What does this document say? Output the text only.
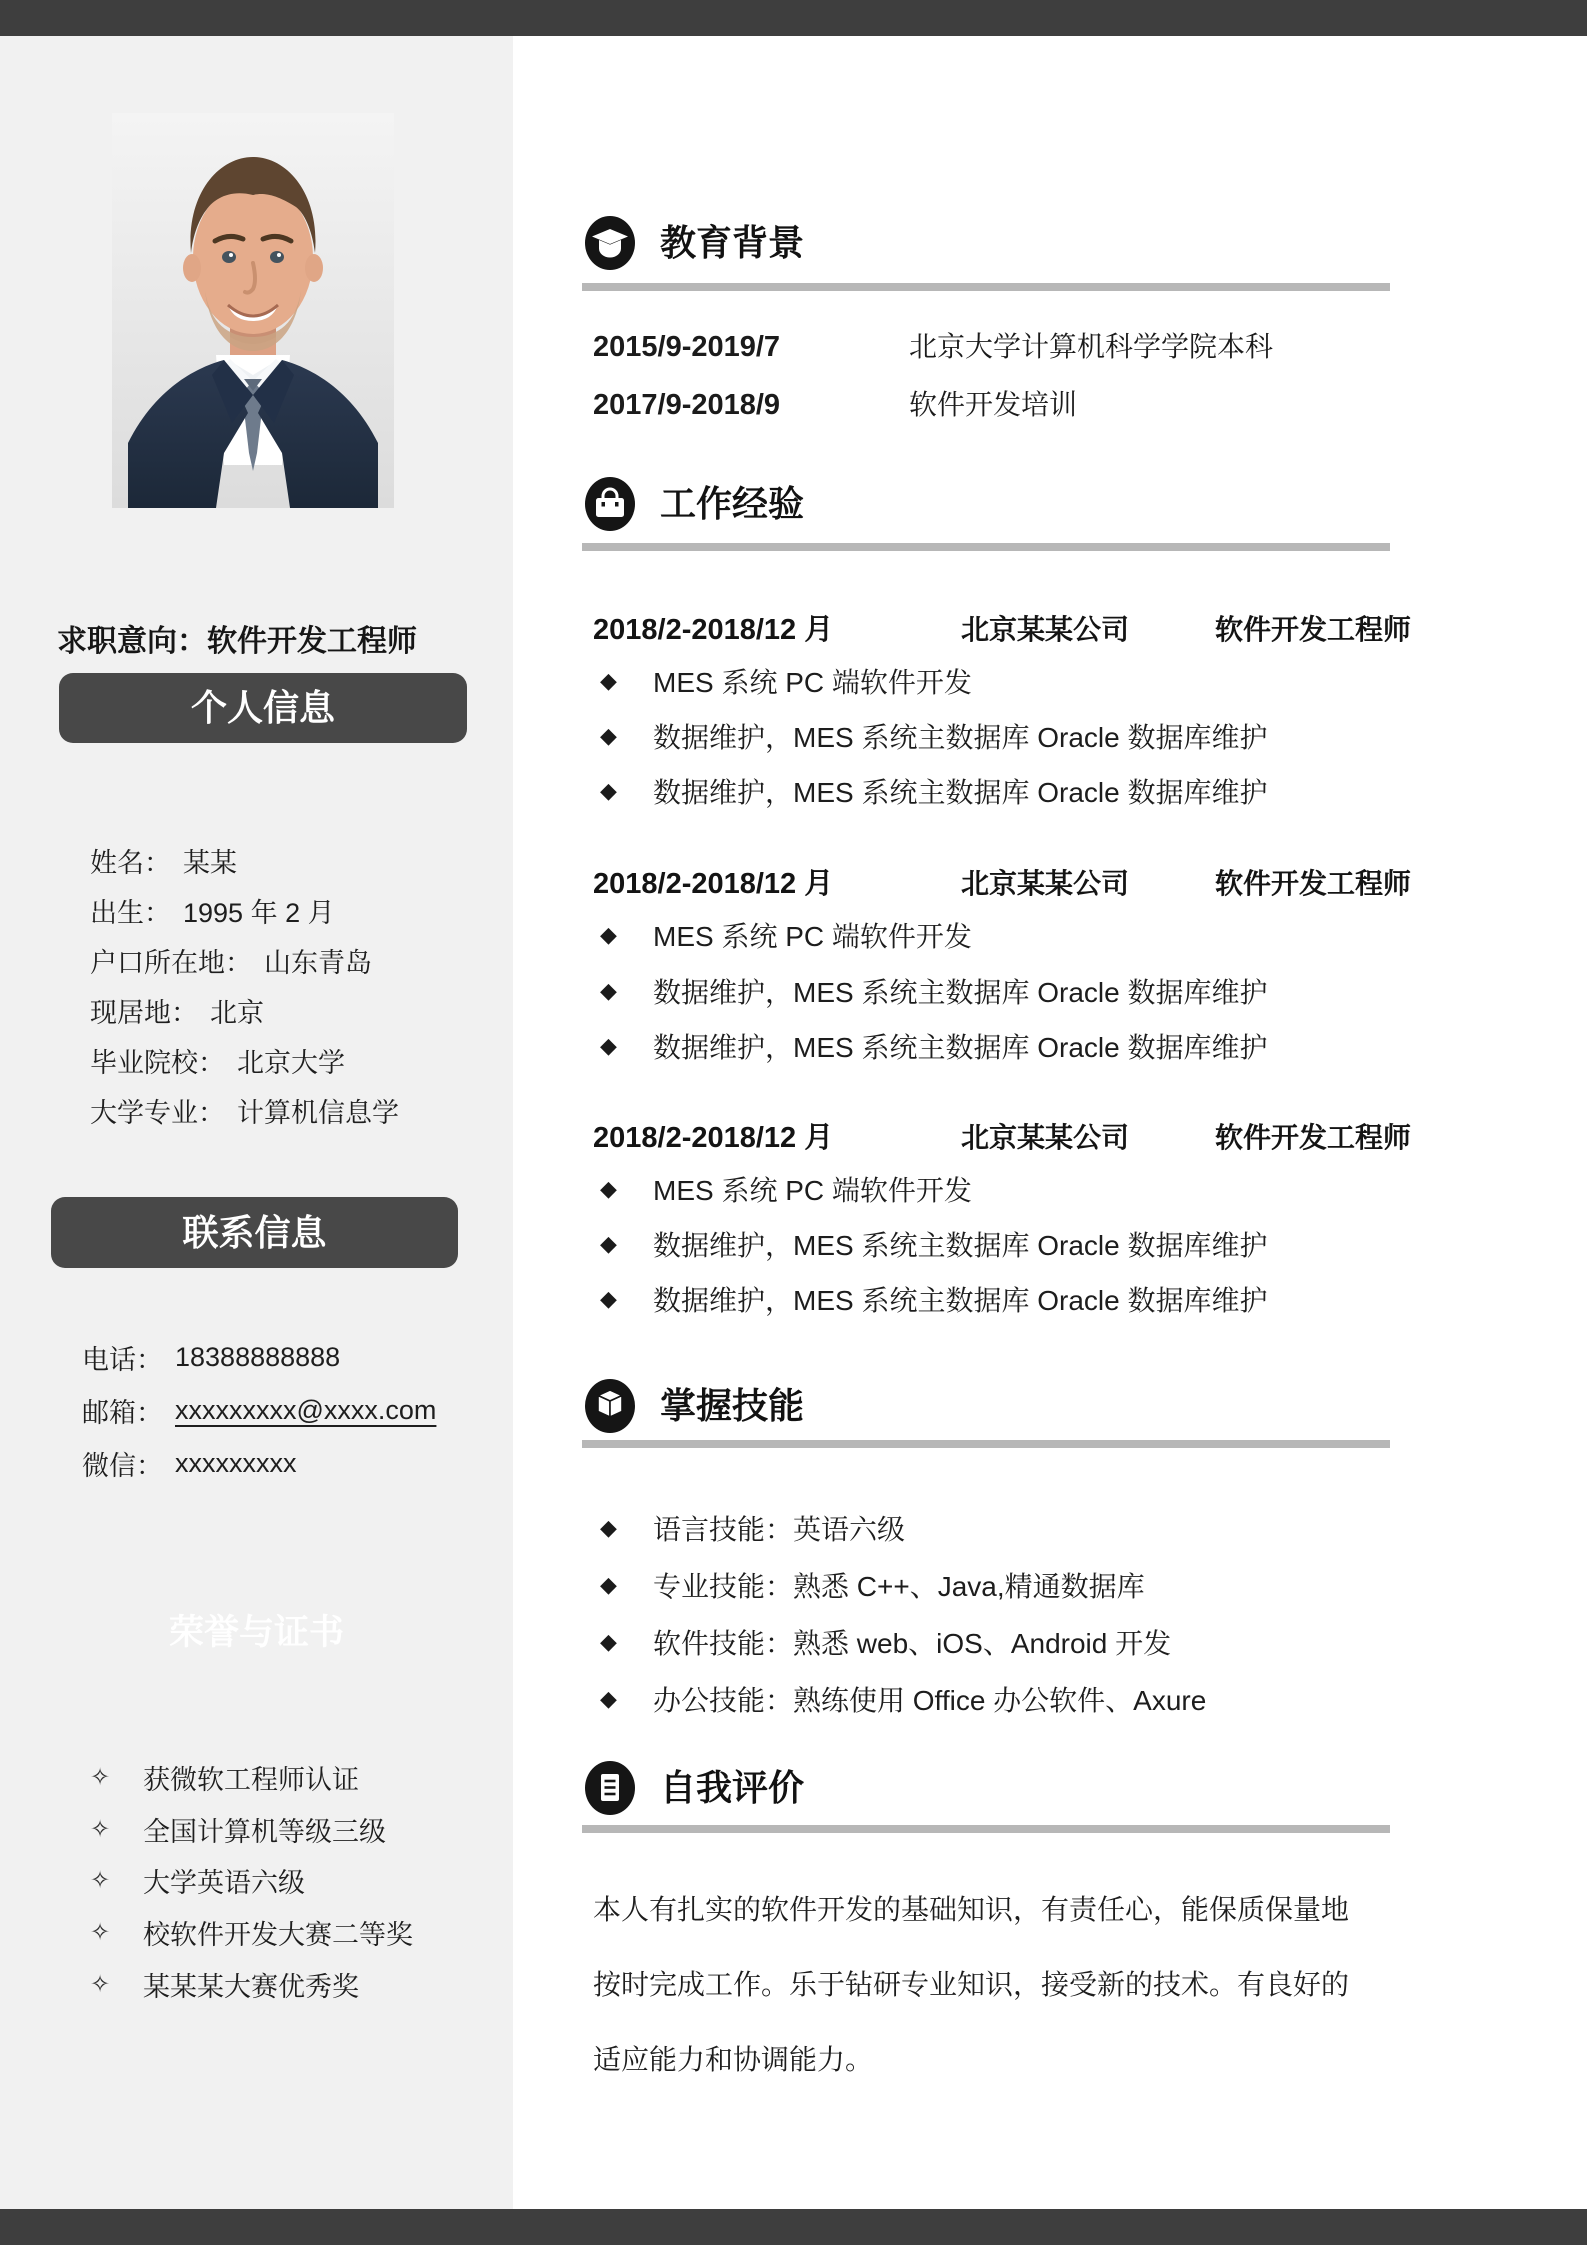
求职意向：软件开发工程师
个人信息
姓名： 某某
出生： 1995 年 2 月
户口所在地： 山东青岛
现居地： 北京
毕业院校： 北京大学
大学专业： 计算机信息学
联系信息
电话： 18388888888
邮箱： xxxxxxxxx@xxxx.com
微信： xxxxxxxxx
荣誉与证书
✧	获微软工程师认证
✧	全国计算机等级三级
✧	大学英语六级
✧	校软件开发大赛二等奖
✧	某某某大赛优秀奖
教育背景
2015/9-2019/7	北京大学计算机科学学院本科
2017/9-2018/9	软件开发培训
工作经验
2018/2-2018/12 月	北京某某公司	软件开发工程师
◆	MES 系统 PC 端软件开发
◆	数据维护，MES 系统主数据库 Oracle 数据库维护
◆	数据维护，MES 系统主数据库 Oracle 数据库维护
2018/2-2018/12 月	北京某某公司	软件开发工程师
◆	MES 系统 PC 端软件开发
◆	数据维护，MES 系统主数据库 Oracle 数据库维护
◆	数据维护，MES 系统主数据库 Oracle 数据库维护
2018/2-2018/12 月	北京某某公司	软件开发工程师
◆	MES 系统 PC 端软件开发
◆	数据维护，MES 系统主数据库 Oracle 数据库维护
◆	数据维护，MES 系统主数据库 Oracle 数据库维护
掌握技能
◆	语言技能：英语六级
◆	专业技能：熟悉 C++、Java,精通数据库
◆	软件技能：熟悉 web、iOS、Android 开发
◆	办公技能：熟练使用 Office 办公软件、Axure
自我评价
本人有扎实的软件开发的基础知识，有责任心，能保质保量地
按时完成工作。乐于钻研专业知识，接受新的技术。有良好的
适应能力和协调能力。
